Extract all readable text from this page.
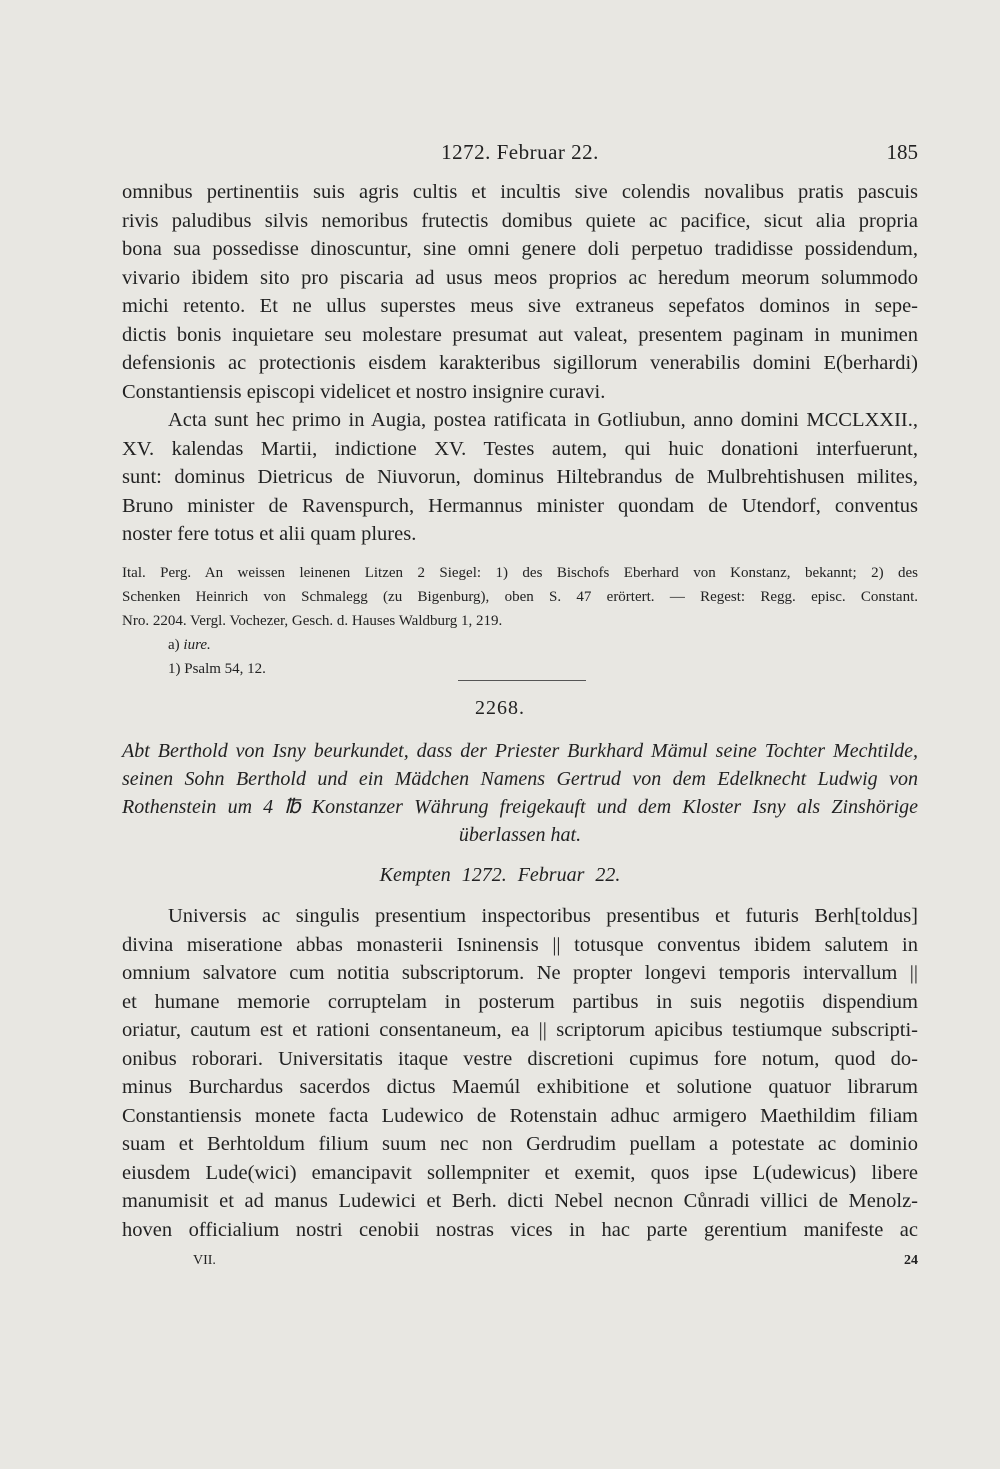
1272. Februar 22.	185
omnibus pertinentiis suis agris cultis et incultis sive colendis novalibus pratis pascuis
rivis paludibus silvis nemoribus frutectis domibus quiete ac pacifice, sicut alia propria
bona sua possedisse dinoscuntur, sine omni genere doli perpetuo tradidisse possidendum,
vivario ibidem sito pro piscaria ad usus meos proprios ac heredum meorum solummodo
michi retento. Et ne ullus superstes meus sive extraneus sepefatos dominos in sepe-
dictis bonis inquietare seu molestare presumat aut valeat, presentem paginam in munimen
defensionis ac protectionis eisdem karakteribus sigillorum venerabilis domini E(berhardi)
Constantiensis episcopi videlicet et nostro insignire curavi.
Acta sunt hec primo in Augia, postea ratificata in Gotliubun, anno domini MCCLXXII.,
XV. kalendas Martii, indictione XV. Testes autem, qui huic donationi interfuerunt,
sunt: dominus Dietricus de Niuvorun, dominus Hiltebrandus de Mulbrehtishusen milites,
Bruno minister de Ravenspurch, Hermannus minister quondam de Utendorf, conventus
noster fere totus et alii quam plures.
Ital. Perg. An weissen leinenen Litzen 2 Siegel: 1) des Bischofs Eberhard von Konstanz, bekannt; 2) des
Schenken Heinrich von Schmalegg (zu Bigenburg), oben S. 47 erörtert. — Regest: Regg. episc. Constant.
Nro. 2204. Vergl. Vochezer, Gesch. d. Hauses Waldburg 1, 219.
a) iure.
1) Psalm 54, 12.
2268.
Abt Berthold von Isny beurkundet, dass der Priester Burkhard Mämul seine Tochter Mechtilde,
seinen Sohn Berthold und ein Mädchen Namens Gertrud von dem Edelknecht Ludwig von
Rothenstein um 4 ℔ Konstanzer Währung freigekauft und dem Kloster Isny als Zinshörige
überlassen hat.
Kempten 1272. Februar 22.
Universis ac singulis presentium inspectoribus presentibus et futuris Berh[toldus]
divina miseratione abbas monasterii Isninensis || totusque conventus ibidem salutem in
omnium salvatore cum notitia subscriptorum. Ne propter longevi temporis intervallum ||
et humane memorie corruptelam in posterum partibus in suis negotiis dispendium
oriatur, cautum est et rationi consentaneum, ea || scriptorum apicibus testiumque subscripti-
onibus roborari. Universitatis itaque vestre discretioni cupimus fore notum, quod do-
minus Burchardus sacerdos dictus Maemúl exhibitione et solutione quatuor librarum
Constantiensis monete facta Ludewico de Rotenstain adhuc armigero Maethildim filiam
suam et Berhtoldum filium suum nec non Gerdrudim puellam a potestate ac dominio
eiusdem Lude(wici) emancipavit sollempniter et exemit, quos ipse L(udewicus) libere
manumisit et ad manus Ludewici et Berh. dicti Nebel necnon Cůnradi villici de Menolz-
hoven officialium nostri cenobii nostras vices in hac parte gerentium manifeste ac
VII.	24
